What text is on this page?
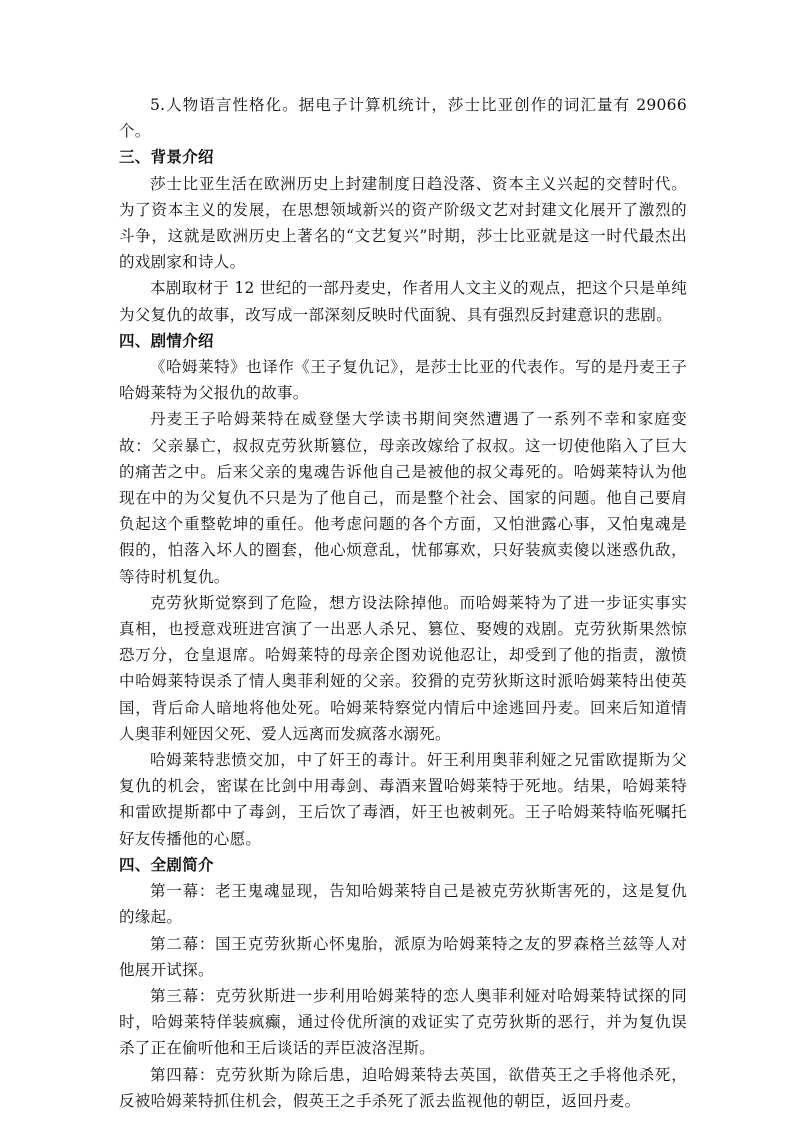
5.人物语言性格化。据电子计算机统计，莎士比亚创作的词汇量有 29066 个。

三、背景介绍

莎士比亚生活在欧洲历史上封建制度日趋没落、资本主义兴起的交替时代。为了资本主义的发展，在思想领域新兴的资产阶级文艺对封建文化展开了激烈的斗争，这就是欧洲历史上著名的“文艺复兴”时期，莎士比亚就是这一时代最杰出的戏剧家和诗人。

本剧取材于 12 世纪的一部丹麦史，作者用人文主义的观点，把这个只是单纯为父复仇的故事，改写成一部深刻反映时代面貌、具有强烈反封建意识的悲剧。

四、剧情介绍

《哈姆莱特》也译作《王子复仇记》，是莎士比亚的代表作。写的是丹麦王子哈姆莱特为父报仇的故事。

丹麦王子哈姆莱特在威登堡大学读书期间突然遭遇了一系列不幸和家庭变故：父亲暴亡，叔叔克劳狄斯篡位，母亲改嫁给了叔叔。这一切使他陷入了巨大的痛苦之中。后来父亲的鬼魂告诉他自己是被他的叔父毒死的。哈姆莱特认为他现在中的为父复仇不只是为了他自己，而是整个社会、国家的问题。他自己要肩负起这个重整乾坤的重任。他考虑问题的各个方面，又怕泄露心事，又怕鬼魂是假的，怕落入坏人的圈套，他心烦意乱，忧郁寡欢，只好装疯卖傻以迷惑仇敌，等待时机复仇。

克劳狄斯觉察到了危险，想方设法除掉他。而哈姆莱特为了进一步证实事实真相，也授意戏班进宫演了一出恶人杀兄、篡位、娶嫂的戏剧。克劳狄斯果然惊恐万分，仓皇退席。哈姆莱特的母亲企图劝说他忍让，却受到了他的指责，激愤中哈姆莱特误杀了情人奥菲利娅的父亲。狡猾的克劳狄斯这时派哈姆莱特出使英国，背后命人暗地将他处死。哈姆莱特察觉内情后中途逃回丹麦。回来后知道情人奥菲利娅因父死、爱人远离而发疯落水溺死。

哈姆莱特悲愤交加，中了奸王的毒计。奸王利用奥菲利娅之兄雷欧提斯为父复仇的机会，密谋在比剑中用毒剑、毒酒来置哈姆莱特于死地。结果，哈姆莱特和雷欧提斯都中了毒剑，王后饮了毒酒，奸王也被刺死。王子哈姆莱特临死嘱托好友传播他的心愿。

四、全剧简介

第一幕：老王鬼魂显现，告知哈姆莱特自己是被克劳狄斯害死的，这是复仇的缘起。

第二幕：国王克劳狄斯心怀鬼胎，派原为哈姆莱特之友的罗森格兰兹等人对他展开试探。

第三幕：克劳狄斯进一步利用哈姆莱特的恋人奥菲利娅对哈姆莱特试探的同时，哈姆莱特佯装疯癫，通过伶优所演的戏证实了克劳狄斯的恶行，并为复仇误杀了正在偷听他和王后谈话的弄臣波洛涅斯。

第四幕：克劳狄斯为除后患，迫哈姆莱特去英国，欲借英王之手将他杀死，反被哈姆莱特抓住机会，假英王之手杀死了派去监视他的朝臣，返回丹麦。
